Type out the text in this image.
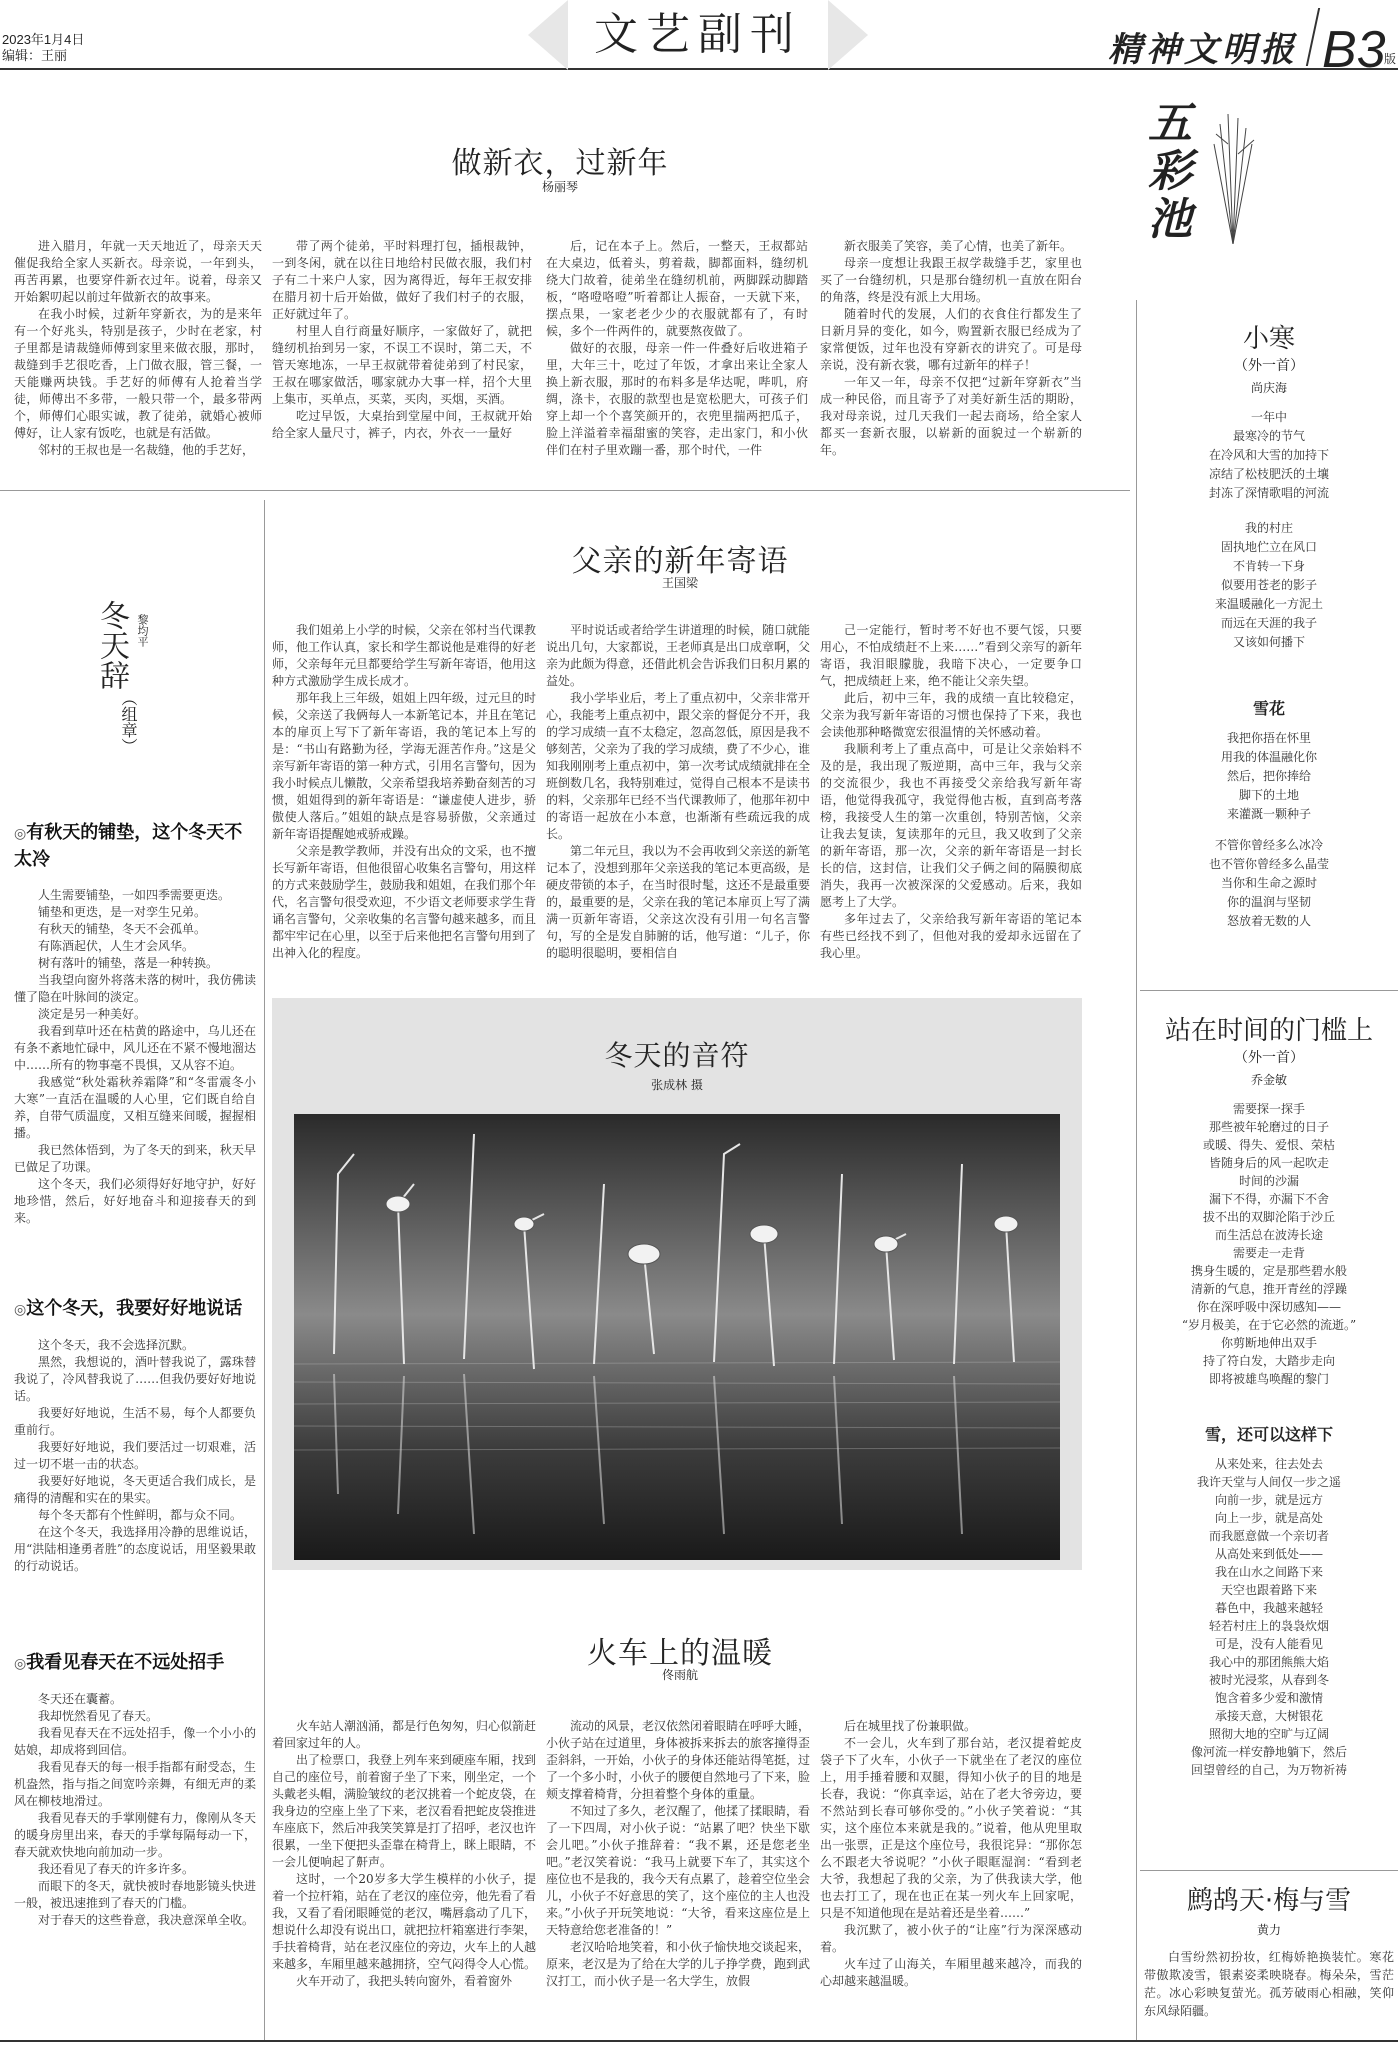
2023年1月4日
编辑：王丽	文艺副刊	精神文明报 B3
版
五彩池
做新衣，过新年
杨丽琴

进入腊月，年就一天天地近了，母亲天天催促我给全家人买新衣。母亲说，一年到头，再苦再累，也要穿件新衣过年。说着，母亲又开始絮叨起以前过年做新衣的故事来。

在我小时候，过新年穿新衣，为的是来年有一个好兆头，特别是孩子，少时在老家，村子里都是请裁缝师傅到家里来做衣服，那时，裁缝到手艺很吃香，上门做衣服，管三餐，一天能赚两块钱。手艺好的师傅有人抢着当学徒，师傅出不多带，一般只带一个，最多带两个，师傅们心眼实诚，教了徒弟，就婚心被师傅好，让人家有饭吃，也就是有活做。

邻村的王叔也是一名裁缝，他的手艺好，

带了两个徒弟，平时料理打包，插根裁钟，一到冬闲，就在以往日地给村民做衣服，我们村子有二十来户人家，因为离得近，每年王叔安排在腊月初十后开始做，做好了我们村子的衣服，正好就过年了。

村里人自行商量好顺序，一家做好了，就把缝纫机抬到另一家，不误工不误时，第二天，不管天寒地冻，一早王叔就带着徒弟到了村民家，王叔在哪家做活，哪家就办大事一样，招个大里上集市，买单点，买菜，买肉，买烟，买酒。

吃过早饭，大桌抬到堂屋中间，王叔就开始给全家人量尺寸，裤子，内衣，外衣一一量好

后，记在本子上。然后，一整天，王叔都站在大桌边，低着头，剪着裁，脚都面料，缝纫机绕大门故着，徒弟坐在缝纫机前，两脚踩动脚踏板，“咯噔咯噔”听着都让人振奋，一天就下来，摆点果，一家老老少少的衣服就都有了，有时候，多个一件两件的，就要熬夜做了。

做好的衣服，母亲一件一件叠好后收进箱子里，大年三十，吃过了年饭，才拿出来让全家人换上新衣服，那时的布料多是华达呢，哔叽，府绸，涤卡，衣服的款型也是宽松肥大，可孩子们穿上却一个个喜笑颜开的，衣兜里揣两把瓜子，脸上洋溢着幸福甜蜜的笑容，走出家门，和小伙伴们在村子里欢蹦一番，那个时代，一件

新衣服美了笑容，美了心情，也美了新年。

母亲一度想让我跟王叔学裁缝手艺，家里也买了一台缝纫机，只是那台缝纫机一直放在阳台的角落，终是没有派上大用场。

随着时代的发展，人们的衣食住行都发生了日新月异的变化，如今，购置新衣服已经成为了家常便饭，过年也没有穿新衣的讲究了。可是母亲说，没有新衣裳，哪有过新年的样子！

一年又一年，母亲不仅把“过新年穿新衣”当成一种民俗，而且寄予了对美好新生活的期盼，我对母亲说，过几天我们一起去商场，给全家人都买一套新衣服，以崭新的面貌过一个崭新的年。

冬天辞
（组章）
黎均平
◎有秋天的铺垫，这个冬天不太冷

人生需要铺垫，一如四季需要更迭。

铺垫和更迭，是一对孪生兄弟。

有秋天的铺垫，冬天不会孤单。

有陈酒起伏，人生才会风华。

树有落叶的铺垫，落是一种转换。

当我望向窗外将落未落的树叶，我仿佛读懂了隐在叶脉间的淡定。

淡定是另一种美好。

我看到草叶还在枯黄的路途中，乌儿还在有条不紊地忙碌中，风儿还在不紧不慢地溜达中……所有的物事毫不畏惧，又从容不迫。

我感觉“秋处霜秋养霜降”和“冬雷震冬小大寒”一直活在温暖的人心里，它们既自给自养，自带气质温度，又相互缝来间暖，握握相播。

我已然体悟到，为了冬天的到来，秋天早已做足了功课。

这个冬天，我们必须得好好地守护，好好地珍惜，然后，好好地奋斗和迎接春天的到来。

◎这个冬天，我要好好地说话

这个冬天，我不会选择沉默。

黑然，我想说的，酒叶替我说了，露珠替我说了，冷风替我说了……但我仍要好好地说话。

我要好好地说，生活不易，每个人都要负重前行。

我要好好地说，我们要活过一切艰难，活过一切不堪一击的状态。

我要好好地说，冬天更适合我们成长，是痛得的清醒和实在的果实。

每个冬天都有个性鲜明，都与众不同。

在这个冬天，我选择用冷静的思维说话，用“洪陆相逢勇者胜”的态度说话，用坚毅果敢的行动说话。

◎我看见春天在不远处招手

冬天还在囊蓄。

我却恍然看见了春天。

我看见春天在不远处招手，像一个小小的姑娘，却成将到回信。

我看见春天的每一根手指都有耐受态，生机盎然，指与指之间宽吟亲舞，有细无声的柔风在柳枝地滑过。

我看见春天的手掌刚健有力，像刚从冬天的暖身房里出来，春天的手掌每隔每动一下，春天就欢快地向前加动一步。

我还看见了春天的许多许多。

而眼下的冬天，就快被时春地影镜头快进一般，被迅速推到了春天的门槛。

对于春天的这些眷意，我决意深单全收。

父亲的新年寄语
王国梁

我们姐弟上小学的时候，父亲在邻村当代课教师，他工作认真，家长和学生都说他是难得的好老师，父亲每年元旦都要给学生写新年寄语，他用这种方式激励学生成长成才。

那年我上三年级，姐姐上四年级，过元旦的时候，父亲送了我俩每人一本新笔记本，并且在笔记本的扉页上写下了新年寄语，我的笔记本上写的是：“书山有路勤为径，学海无涯苦作舟。”这是父亲写新年寄语的第一种方式，引用名言警句，因为我小时候点儿懒散，父亲希望我培养勤奋刻苦的习惯，姐姐得到的新年寄语是：“谦虚使人进步，骄傲使人落后。”姐姐的缺点是容易骄傲，父亲通过新年寄语提醒她戒骄戒躁。

父亲是教学教师，并没有出众的文采，也不擅长写新年寄语，但他很留心收集名言警句，用这样的方式来鼓励学生，鼓励我和姐姐，在我们那个年代，名言警句很受欢迎，不少语文老师要求学生背诵名言警句，父亲收集的名言警句越来越多，而且都牢牢记在心里，以至于后来他把名言警句用到了出神入化的程度。

平时说话或者给学生讲道理的时候，随口就能说出几句，大家都说，王老师真是出口成章啊，父亲为此颇为得意，还借此机会告诉我们日积月累的益处。

我小学毕业后，考上了重点初中，父亲非常开心，我能考上重点初中，跟父亲的督促分不开，我的学习成绩一直不太稳定，忽高忽低，原因是我不够刻苦，父亲为了我的学习成绩，费了不少心，谁知我刚刚考上重点初中，第一次考试成绩就排在全班倒数几名，我特别难过，觉得自己根本不是读书的料，父亲那年已经不当代课教师了，他那年初中的寄语一起放在小本意，也渐渐有些疏远我的成长。

第二年元旦，我以为不会再收到父亲送的新笔记本了，没想到那年父亲送我的笔记本更高级，是硬皮带锁的本子，在当时很时髦，这还不是最重要的，最重要的是，父亲在我的笔记本扉页上写了满满一页新年寄语，父亲这次没有引用一句名言警句，写的全是发自肺腑的话，他写道：“儿子，你的聪明很聪明，要相信自

己一定能行，暂时考不好也不要气馁，只要用心，不怕成绩赶不上来……”看到父亲写的新年寄语，我泪眼朦胧，我暗下决心，一定要争口气，把成绩赶上来，绝不能让父亲失望。

此后，初中三年，我的成绩一直比较稳定，父亲为我写新年寄语的习惯也保持了下来，我也会读他那种略微宽宏很温情的关怀感动着。

我顺利考上了重点高中，可是让父亲始料不及的是，我出现了叛逆期，高中三年，我与父亲的交流很少，我也不再接受父亲给我写新年寄语，他觉得我孤守，我觉得他古板，直到高考落榜，我接受人生的第一次重创，特别苦恼，父亲让我去复读，复读那年的元旦，我又收到了父亲的新年寄语，那一次，父亲的新年寄语是一封长长的信，这封信，让我们父子俩之间的隔膜彻底消失，我再一次被深深的父爱感动。后来，我如愿考上了大学。

多年过去了，父亲给我写新年寄语的笔记本有些已经找不到了，但他对我的爱却永远留在了我心里。

冬天的音符
张成林 摄
火车上的温暖
佟雨航

火车站人潮汹涌，都是行色匆匆，归心似箭赶着回家过年的人。

出了检票口，我登上列车来到硬座车厢，找到自己的座位号，前着窗子坐了下来，刚坐定，一个头戴老头帽，满脸皱纹的老汉挑着一个蛇皮袋，在我身边的空座上坐了下来，老汉看看把蛇皮袋推进车座底下，然后冲我笑笑算是打了招呼，老汉也许很累，一坐下便把头歪靠在椅背上，眯上眼睛，不一会儿便响起了鼾声。

这时，一个20岁多大学生模样的小伙子，提着一个拉杆箱，站在了老汉的座位旁，他先看了看我，又看了看闭眼睡觉的老汉，嘴唇翕动了几下，想说什么却没有说出口，就把拉杆箱塞进行李架，手扶着椅背，站在老汉座位的旁边，火车上的人越来越多，车厢里越来越拥挤，空气闷得令人心慌。

火车开动了，我把头转向窗外，看着窗外

流动的风景，老汉依然闭着眼睛在呼呼大睡，小伙子站在过道里，身体被拆来拆去的旅客撞得歪歪斜斜，一开始，小伙子的身体还能站得笔挺，过了一个多小时，小伙子的腰便自然地弓了下来，脸颊支撑着椅背，分担着整个身体的重量。

不知过了多久，老汉醒了，他揉了揉眼睛，看了一下四周，对小伙子说：“站累了吧？快坐下歇会儿吧。”小伙子推辞着：“我不累，还是您老坐吧。”老汉笑着说：“我马上就要下车了，其实这个座位也不是我的，我今天有点累了，趁着空位坐会儿，小伙子不好意思的笑了，这个座位的主人也没来。”小伙子开玩笑地说：“大爷，看来这座位是上天特意给您老准备的！”

老汉哈哈地笑着，和小伙子愉快地交谈起来，原来，老汉是为了给在大学的儿子挣学费，跑到武汉打工，而小伙子是一名大学生，放假

后在城里找了份兼职做。

不一会儿，火车到了那台站，老汉提着蛇皮袋子下了火车，小伙子一下就坐在了老汉的座位上，用手捶着腰和双腿，得知小伙子的目的地是长春，我说：“你真幸运，站在了老大爷旁边，要不然站到长春可够你受的。”小伙子笑着说：“其实，这个座位本来就是我的。”说着，他从兜里取出一张票，正是这个座位号，我很诧异：“那你怎么不跟老大爷说呢？”小伙子眼眶湿润：“看到老大爷，我想起了我的父亲，为了供我读大学，他也去打工了，现在也正在某一列火车上回家呢，只是不知道他现在是站着还是坐着……”

我沉默了，被小伙子的“让座”行为深深感动着。

火车过了山海关，车厢里越来越冷，而我的心却越来越温暖。

小寒
（外一首）
尚庆海
一年中
最寒冷的节气
在冷风和大雪的加持下
凉结了松枝肥沃的土壤
封冻了深情歌唱的河流
我的村庄
固执地伫立在风口
不肯转一下身
似要用苍老的影子
来温暖融化一方泥土
而远在天涯的我子
又该如何播下
雪花
我把你捂在怀里
用我的体温融化你
然后，把你捧给
脚下的土地
来灌溉一颗种子
不管你曾经多么冰冷
也不管你曾经多么晶莹
当你和生命之源时
你的温润与坚韧
怒放着无数的人
站在时间的门槛上
（外一首）
乔金敏
需要探一探手
那些被年轮磨过的日子
或暖、得失、爱恨、荣枯
皆随身后的风一起吹走
时间的沙漏
漏下不得，亦漏下不舍
拔不出的双脚沦陷于沙丘
而生活总在波涛长途
需要走一走背
携身生暖的，定是那些碧水般
清新的气息，推开青丝的浮躁
你在深呼吸中深切感知——
“岁月极美，在于它必然的流逝。”
你剪断地伸出双手
持了符白发，大踏步走向
即将被雄鸟唤醒的黎门
雪，还可以这样下
从来处来，往去处去
我许天堂与人间仅一步之遥
向前一步，就是远方
向上一步，就是高处
而我愿意做一个亲切者
从高处来到低处——
我在山水之间路下来
天空也跟着路下来
暮色中，我越来越轻
轻若村庄上的袅袅炊烟
可是，没有人能看见
我心中的那团熊熊大焰
被时光浸浆，从春到冬
饱含着多少爱和激情
承接天意，大树银花
照彻大地的空旷与辽阔
像河流一样安静地躺下，然后
回望曾经的自己，为万物祈祷
鹧鸪天·梅与雪
黄力

白雪纷然初扮妆，红梅娇艳换装忙。寒花带傲欺凌雪，银素姿柔映晓春。梅朵朵，雪茫茫。冰心彩映复萤光。孤芳破雨心相融，笑仰东风绿陌疆。
